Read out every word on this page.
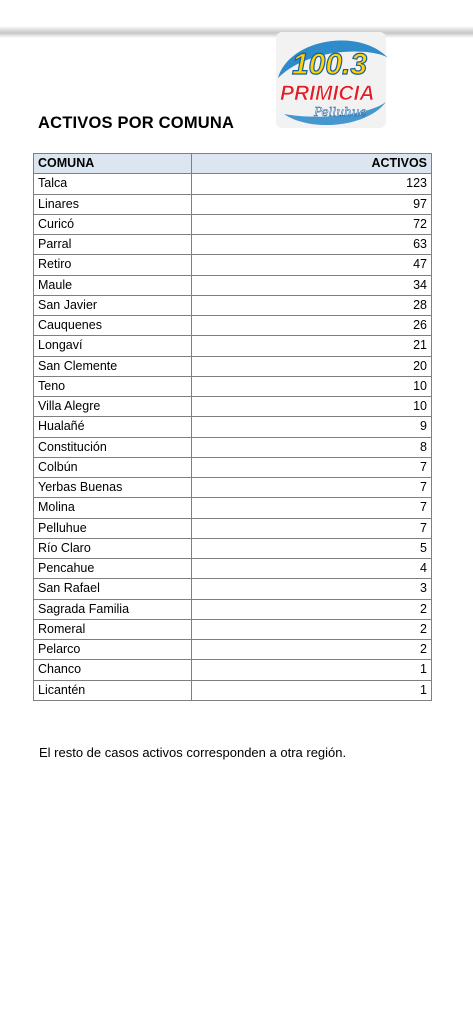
100.3
PRIMICIA
Pelluhue
ACTIVOS POR COMUNA
COMUNA	ACTIVOS
Talca	123
Linares	97
Curicó	72
Parral	63
Retiro	47
Maule	34
San Javier	28
Cauquenes	26
Longaví	21
San Clemente	20
Teno	10
Villa Alegre	10
Hualañé	9
Constitución	8
Colbún	7
Yerbas Buenas	7
Molina	7
Pelluhue	7
Río Claro	5
Pencahue	4
San Rafael	3
Sagrada Familia	2
Romeral	2
Pelarco	2
Chanco	1
Licantén	1
El resto de casos activos corresponden a otra región.
